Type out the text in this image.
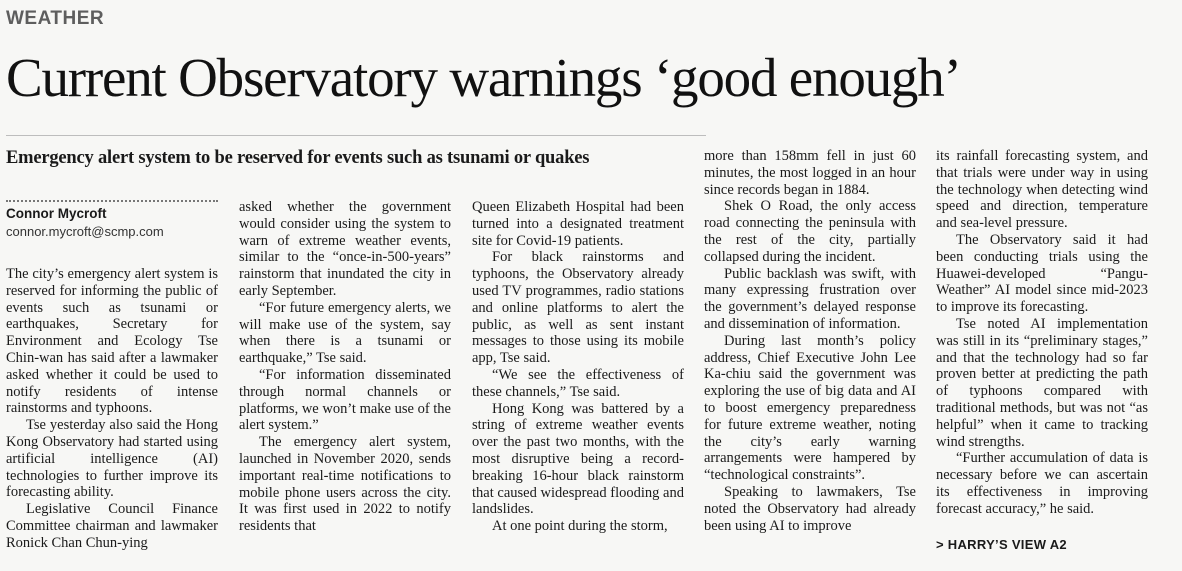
WEATHER
Current Observatory warnings ‘good enough’
Emergency alert system to be reserved for events such as tsunami or quakes
Connor Mycroft
connor.mycroft@scmp.com

The city’s emergency alert system is reserved for informing the public of events such as tsunami or earthquakes, Secretary for Environment and Ecology Tse Chin-wan has said after a lawmaker asked whether it could be used to notify residents of intense rainstorms and typhoons.

Tse yesterday also said the Hong Kong Observatory had started using artificial intelligence (AI) technologies to further improve its forecasting ability.

Legislative Council Finance Committee chairman and lawmaker Ronick Chan Chun-ying

asked whether the government would consider using the system to warn of extreme weather events, similar to the “once-in-500-years” rainstorm that inundated the city in early September.

“For future emergency alerts, we will make use of the system, say when there is a tsunami or earthquake,” Tse said.

“For information disseminated through normal channels or platforms, we won’t make use of the alert system.”

The emergency alert system, launched in November 2020, sends important real-time notifications to mobile phone users across the city. It was first used in 2022 to notify residents that

Queen Elizabeth Hospital had been turned into a designated treatment site for Covid-19 patients.

For black rainstorms and typhoons, the Observatory already used TV programmes, radio stations and online platforms to alert the public, as well as sent instant messages to those using its mobile app, Tse said.

“We see the effectiveness of these channels,” Tse said.

Hong Kong was battered by a string of extreme weather events over the past two months, with the most disruptive being a record-breaking 16-hour black rainstorm that caused widespread flooding and landslides.

At one point during the storm,

more than 158mm fell in just 60 minutes, the most logged in an hour since records began in 1884.

Shek O Road, the only access road connecting the peninsula with the rest of the city, partially collapsed during the incident.

Public backlash was swift, with many expressing frustration over the government’s delayed response and dissemination of information.

During last month’s policy address, Chief Executive John Lee Ka-chiu said the government was exploring the use of big data and AI to boost emergency preparedness for future extreme weather, noting the city’s early warning arrangements were hampered by “technological constraints”.

Speaking to lawmakers, Tse noted the Observatory had already been using AI to improve

its rainfall forecasting system, and that trials were under way in using the technology when detecting wind speed and direction, temperature and sea-level pressure.

The Observatory said it had been conducting trials using the Huawei-developed “Pangu-Weather” AI model since mid-2023 to improve its forecasting.

Tse noted AI implementation was still in its “preliminary stages,” and that the technology had so far proven better at predicting the path of typhoons compared with traditional methods, but was not “as helpful” when it came to tracking wind strengths.

“Further accumulation of data is necessary before we can ascertain its effectiveness in improving forecast accuracy,” he said.

> HARRY’S VIEW A2
